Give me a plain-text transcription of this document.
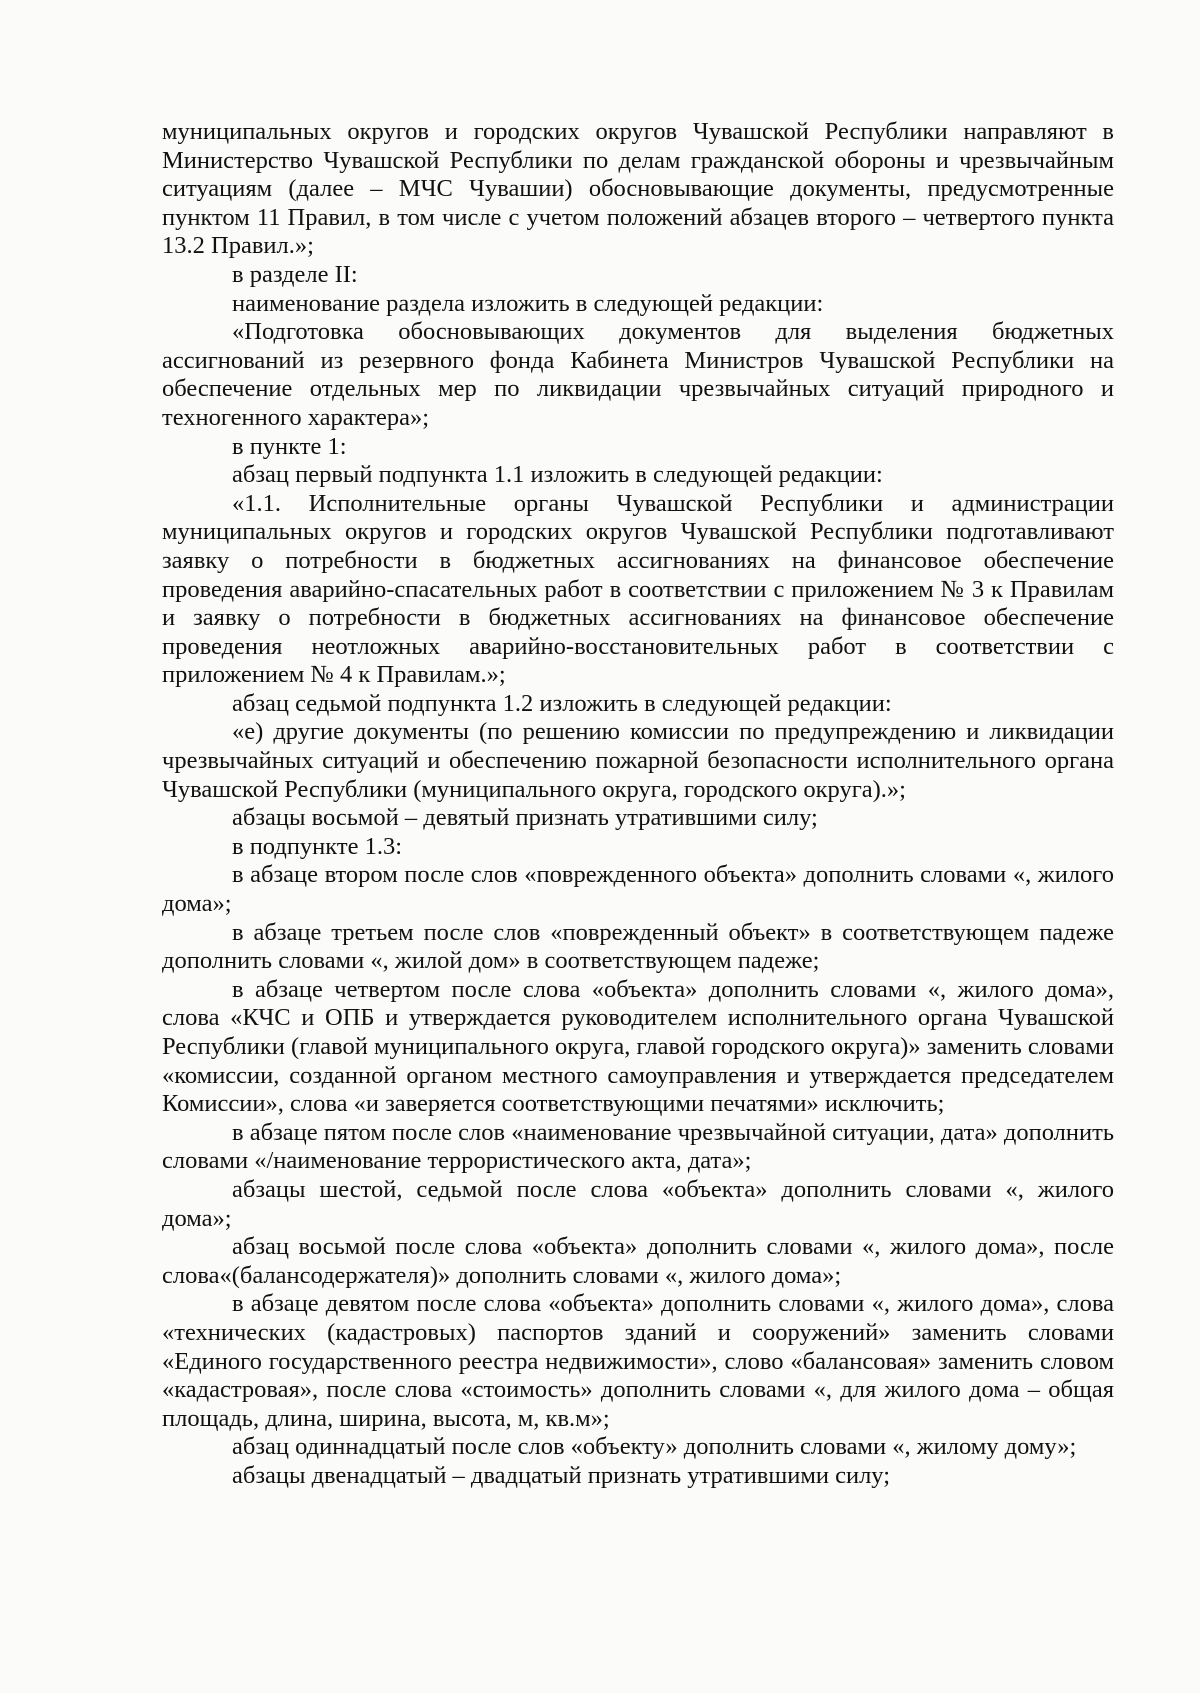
муниципальных округов и городских округов Чувашской Республики направляют в Министерство Чувашской Республики по делам гражданской обороны и чрезвычайным ситуациям (далее – МЧС Чувашии) обосновывающие документы, предусмотренные пунктом 11 Правил, в том числе с учетом положений абзацев второго – четвертого пункта 13.2 Правил.»;

в разделе II:

наименование раздела изложить в следующей редакции:

«Подготовка обосновывающих документов для выделения бюджетных ассигнований из резервного фонда Кабинета Министров Чувашской Республики на обеспечение отдельных мер по ликвидации чрезвычайных ситуаций природного и техногенного характера»;

в пункте 1:

абзац первый подпункта 1.1 изложить в следующей редакции:

«1.1. Исполнительные органы Чувашской Республики и администрации муниципальных округов и городских округов Чувашской Республики подготавливают заявку о потребности в бюджетных ассигнованиях на финансовое обеспечение проведения аварийно-спасательных работ в соответствии с приложением № 3 к Правилам и заявку о потребности в бюджетных ассигнованиях на финансовое обеспечение проведения неотложных аварийно-восстановительных работ в соответствии с приложением № 4 к Правилам.»;

абзац седьмой подпункта 1.2 изложить в следующей редакции:

«е) другие документы (по решению комиссии по предупреждению и ликвидации чрезвычайных ситуаций и обеспечению пожарной безопасности исполнительного органа Чувашской Республики (муниципального округа, городского округа).»;

абзацы восьмой – девятый признать утратившими силу;

в подпункте 1.3:

в абзаце втором после слов «поврежденного объекта» дополнить словами «, жилого дома»;

в абзаце третьем после слов «поврежденный объект» в соответствующем падеже дополнить словами «, жилой дом» в соответствующем падеже;

в абзаце четвертом после слова «объекта» дополнить словами «, жилого дома», слова «КЧС и ОПБ и утверждается руководителем исполнительного органа Чувашской Республики (главой муниципального округа, главой городского округа)» заменить словами «комиссии, созданной органом местного самоуправления и утверждается председателем Комиссии», слова «и заверяется соответствующими печатями» исключить;

в абзаце пятом после слов «наименование чрезвычайной ситуации, дата» дополнить словами «/наименование террористического акта, дата»;

абзацы шестой, седьмой после слова «объекта» дополнить словами «, жилого дома»;

абзац восьмой после слова «объекта» дополнить словами «, жилого дома», после слова«(балансодержателя)» дополнить словами «, жилого дома»;

в абзаце девятом после слова «объекта» дополнить словами «, жилого дома», слова «технических (кадастровых) паспортов зданий и сооружений» заменить словами «Единого государственного реестра недвижимости», слово «балансовая» заменить словом «кадастровая», после слова «стоимость» дополнить словами «, для жилого дома – общая площадь, длина, ширина, высота, м, кв.м»;

абзац одиннадцатый после слов «объекту» дополнить словами «, жилому дому»;

абзацы двенадцатый – двадцатый признать утратившими силу;
